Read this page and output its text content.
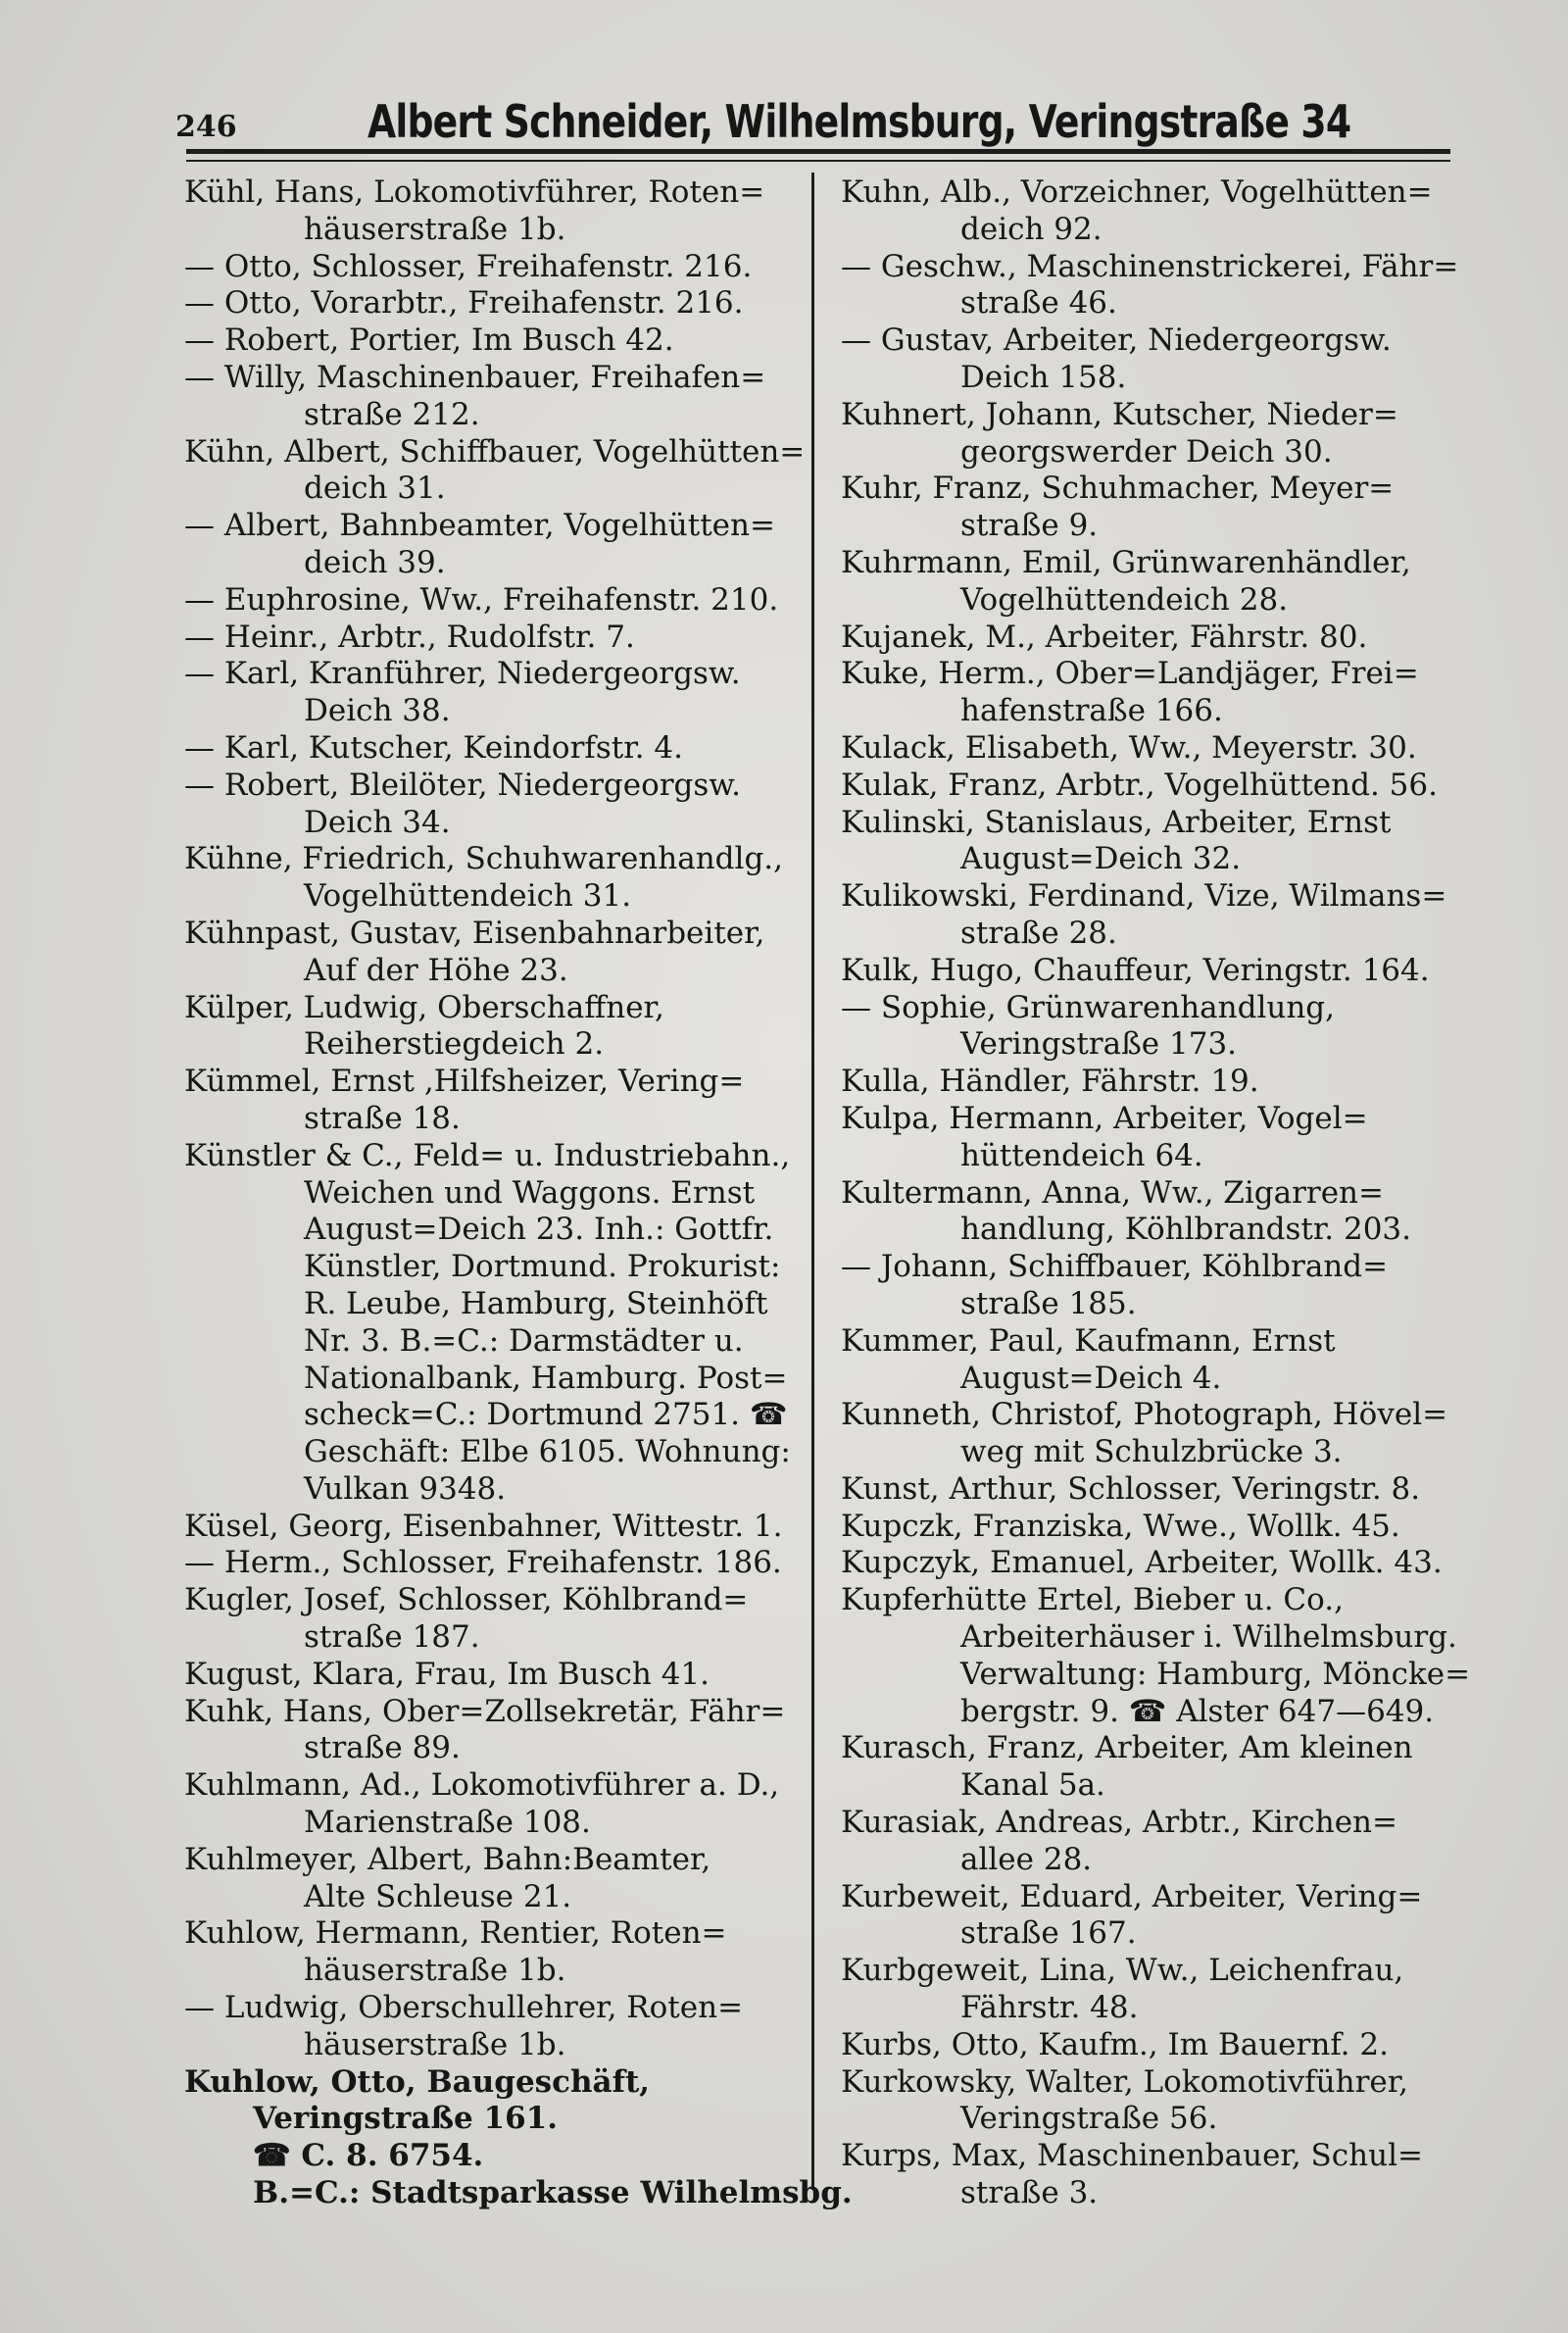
246	Albert Schneider, Wilhelmsburg, Veringstraße 34
Kühl, Hans, Lokomotivführer, Roten=
häuserstraße 1b.
— Otto, Schlosser, Freihafenstr. 216.
— Otto, Vorarbtr., Freihafenstr. 216.
— Robert, Portier, Im Busch 42.
— Willy, Maschinenbauer, Freihafen=
straße 212.
Kühn, Albert, Schiffbauer, Vogelhütten=
deich 31.
— Albert, Bahnbeamter, Vogelhütten=
deich 39.
— Euphrosine, Ww., Freihafenstr. 210.
— Heinr., Arbtr., Rudolfstr. 7.
— Karl, Kranführer, Niedergeorgsw.
Deich 38.
— Karl, Kutscher, Keindorfstr. 4.
— Robert, Bleilöter, Niedergeorgsw.
Deich 34.
Kühne, Friedrich, Schuhwarenhandlg.,
Vogelhüttendeich 31.
Kühnpast, Gustav, Eisenbahnarbeiter,
Auf der Höhe 23.
Külper, Ludwig, Oberschaffner,
Reiherstiegdeich 2.
Kümmel, Ernst ,Hilfsheizer, Vering=
straße 18.
Künstler & C., Feld= u. Industriebahn.,
Weichen und Waggons. Ernst
August=Deich 23. Inh.: Gottfr.
Künstler, Dortmund. Prokurist:
R. Leube, Hamburg, Steinhöft
Nr. 3. B.=C.: Darmstädter u.
Nationalbank, Hamburg. Post=
scheck=C.: Dortmund 2751. ☎
Geschäft: Elbe 6105. Wohnung:
Vulkan 9348.
Küsel, Georg, Eisenbahner, Wittestr. 1.
— Herm., Schlosser, Freihafenstr. 186.
Kugler, Josef, Schlosser, Köhlbrand=
straße 187.
Kugust, Klara, Frau, Im Busch 41.
Kuhk, Hans, Ober=Zollsekretär, Fähr=
straße 89.
Kuhlmann, Ad., Lokomotivführer a. D.,
Marienstraße 108.
Kuhlmeyer, Albert, Bahn:Beamter,
Alte Schleuse 21.
Kuhlow, Hermann, Rentier, Roten=
häuserstraße 1b.
— Ludwig, Oberschullehrer, Roten=
häuserstraße 1b.
Kuhlow, Otto, Baugeschäft,
Veringstraße 161.
☎ C. 8. 6754.
B.=C.: Stadtsparkasse Wilhelmsbg.
Kuhn, Alb., Vorzeichner, Vogelhütten=
deich 92.
— Geschw., Maschinenstrickerei, Fähr=
straße 46.
— Gustav, Arbeiter, Niedergeorgsw.
Deich 158.
Kuhnert, Johann, Kutscher, Nieder=
georgswerder Deich 30.
Kuhr, Franz, Schuhmacher, Meyer=
straße 9.
Kuhrmann, Emil, Grünwarenhändler,
Vogelhüttendeich 28.
Kujanek, M., Arbeiter, Fährstr. 80.
Kuke, Herm., Ober=Landjäger, Frei=
hafenstraße 166.
Kulack, Elisabeth, Ww., Meyerstr. 30.
Kulak, Franz, Arbtr., Vogelhüttend. 56.
Kulinski, Stanislaus, Arbeiter, Ernst
August=Deich 32.
Kulikowski, Ferdinand, Vize, Wilmans=
straße 28.
Kulk, Hugo, Chauffeur, Veringstr. 164.
— Sophie, Grünwarenhandlung,
Veringstraße 173.
Kulla, Händler, Fährstr. 19.
Kulpa, Hermann, Arbeiter, Vogel=
hüttendeich 64.
Kultermann, Anna, Ww., Zigarren=
handlung, Köhlbrandstr. 203.
— Johann, Schiffbauer, Köhlbrand=
straße 185.
Kummer, Paul, Kaufmann, Ernst
August=Deich 4.
Kunneth, Christof, Photograph, Hövel=
weg mit Schulzbrücke 3.
Kunst, Arthur, Schlosser, Veringstr. 8.
Kupczk, Franziska, Wwe., Wollk. 45.
Kupczyk, Emanuel, Arbeiter, Wollk. 43.
Kupferhütte Ertel, Bieber u. Co.,
Arbeiterhäuser i. Wilhelmsburg.
Verwaltung: Hamburg, Möncke=
bergstr. 9. ☎ Alster 647—649.
Kurasch, Franz, Arbeiter, Am kleinen
Kanal 5a.
Kurasiak, Andreas, Arbtr., Kirchen=
allee 28.
Kurbeweit, Eduard, Arbeiter, Vering=
straße 167.
Kurbgeweit, Lina, Ww., Leichenfrau,
Fährstr. 48.
Kurbs, Otto, Kaufm., Im Bauernf. 2.
Kurkowsky, Walter, Lokomotivführer,
Veringstraße 56.
Kurps, Max, Maschinenbauer, Schul=
straße 3.
